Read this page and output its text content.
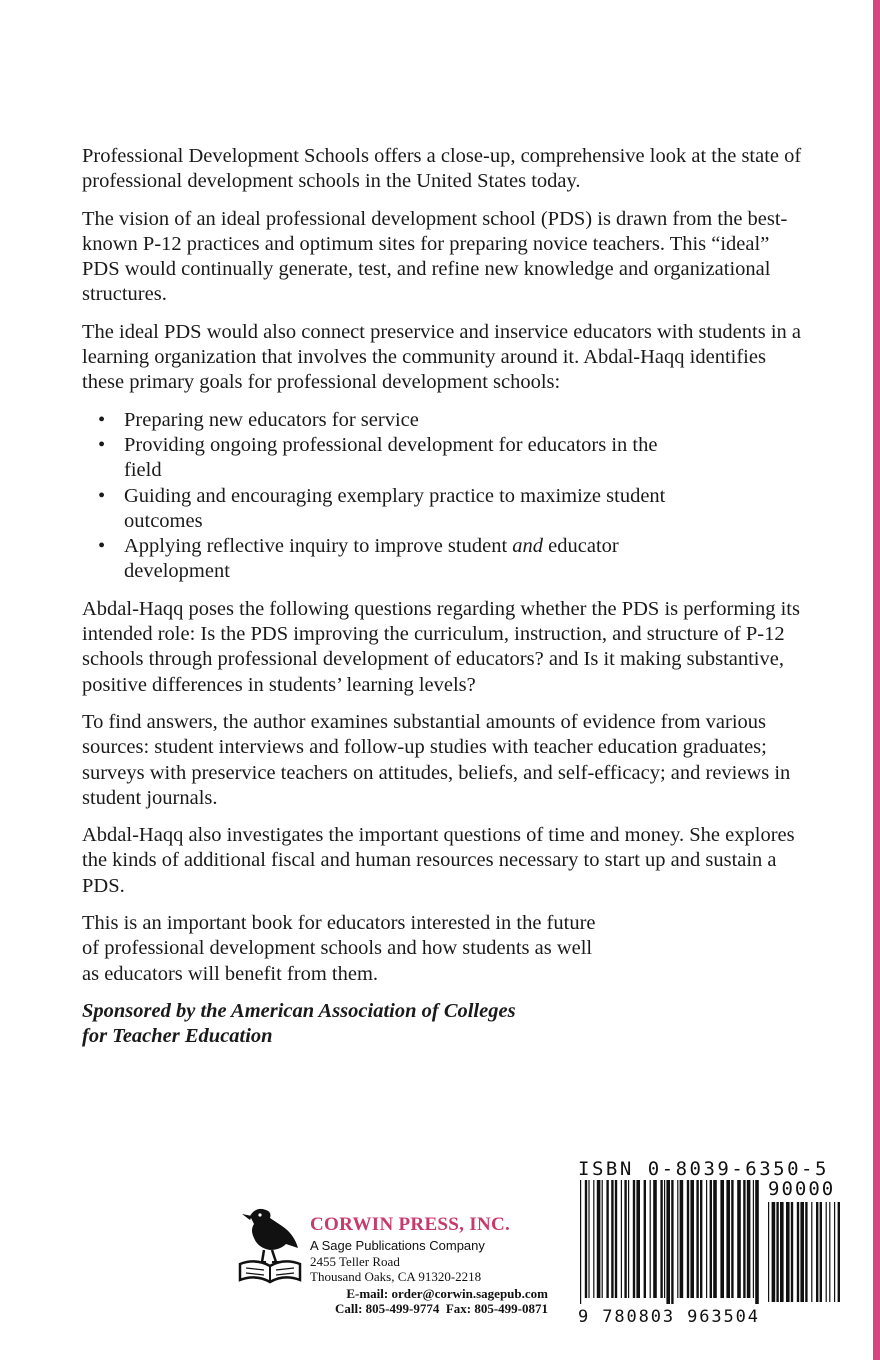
Professional Development Schools offers a close-up, comprehensive look at the state of professional development schools in the United States today.

The vision of an ideal professional development school (PDS) is drawn from the best-known P-12 practices and optimum sites for preparing novice teachers. This “ideal” PDS would continually generate, test, and refine new knowledge and organizational structures.

The ideal PDS would also connect preservice and inservice educators with students in a learning organization that involves the community around it. Abdal-Haqq identifies these primary goals for professional development schools:

• Preparing new educators for service
• Providing ongoing professional development for educators in the field
• Guiding and encouraging exemplary practice to maximize student outcomes
• Applying reflective inquiry to improve student and educator development

Abdal-Haqq poses the following questions regarding whether the PDS is performing its intended role: Is the PDS improving the curriculum, instruction, and structure of P-12 schools through professional development of educators? and Is it making substantive, positive differences in students’ learning levels?

To find answers, the author examines substantial amounts of evidence from various sources: student interviews and follow-up studies with teacher education graduates; surveys with preservice teachers on attitudes, beliefs, and self-efficacy; and reviews in student journals.

Abdal-Haqq also investigates the important questions of time and money. She explores the kinds of additional fiscal and human resources necessary to start up and sustain a PDS.

This is an important book for educators interested in the future of professional development schools and how students as well as educators will benefit from them.

Sponsored by the American Association of Colleges
for Teacher Education

CORWIN PRESS, INC.
A Sage Publications Company
2455 Teller Road
Thousand Oaks, CA 91320-2218
E-mail: order@corwin.sagepub.com
Call: 805-499-9774  Fax: 805-499-0871
ISBN 0-8039-6350-5
90000
9 780803 963504
